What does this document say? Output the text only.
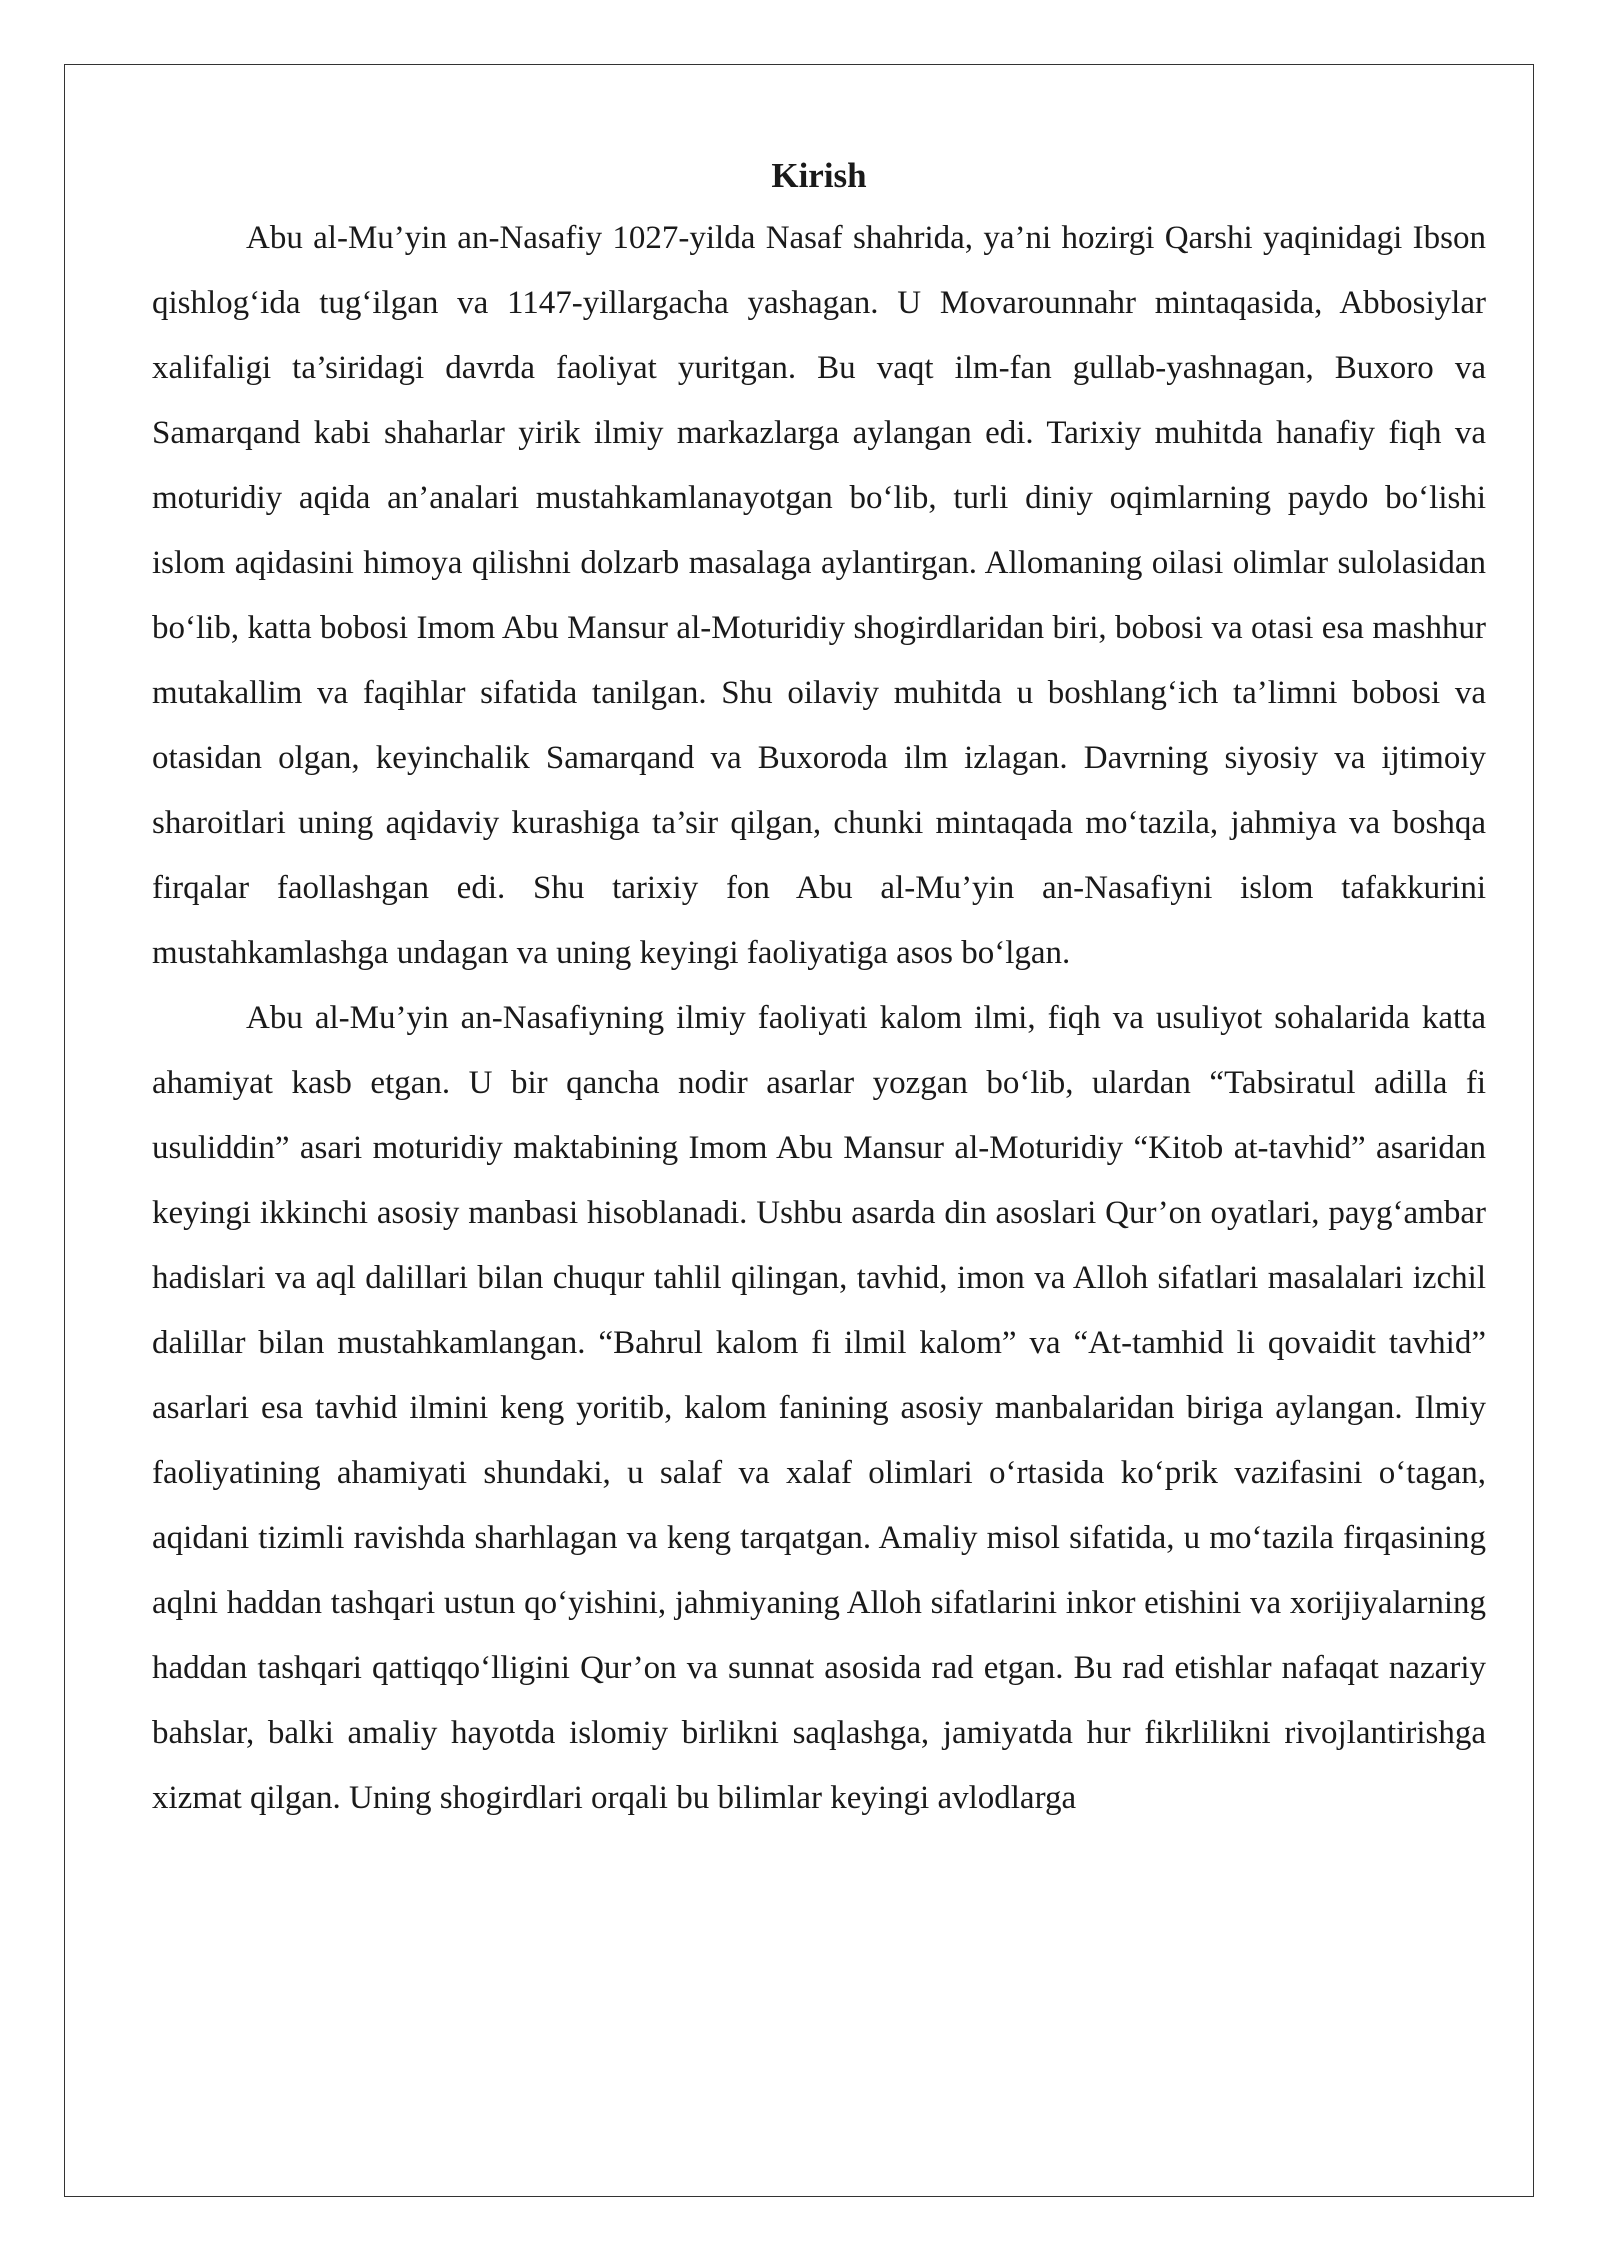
Kirish

Abu al-Mu’yin an-Nasafiy 1027-yilda Nasaf shahrida, ya’ni hozirgi Qarshi yaqinidagi Ibson qishlog‘ida tug‘ilgan va 1147-yillargacha yashagan. U Movarounnahr mintaqasida, Abbosiylar xalifaligi ta’siridagi davrda faoliyat yuritgan. Bu vaqt ilm-fan gullab-yashnagan, Buxoro va Samarqand kabi shaharlar yirik ilmiy markazlarga aylangan edi. Tarixiy muhitda hanafiy fiqh va moturidiy aqida an’analari mustahkamlanayotgan bo‘lib, turli diniy oqimlarning paydo bo‘lishi islom aqidasini himoya qilishni dolzarb masalaga aylantirgan. Allomaning oilasi olimlar sulolasidan bo‘lib, katta bobosi Imom Abu Mansur al-Moturidiy shogirdlaridan biri, bobosi va otasi esa mashhur mutakallim va faqihlar sifatida tanilgan. Shu oilaviy muhitda u boshlang‘ich ta’limni bobosi va otasidan olgan, keyinchalik Samarqand va Buxoroda ilm izlagan. Davrning siyosiy va ijtimoiy sharoitlari uning aqidaviy kurashiga ta’sir qilgan, chunki mintaqada mo‘tazila, jahmiya va boshqa firqalar faollashgan edi. Shu tarixiy fon Abu al-Mu’yin an-Nasafiyni islom tafakkurini mustahkamlashga undagan va uning keyingi faoliyatiga asos bo‘lgan.

Abu al-Mu’yin an-Nasafiyning ilmiy faoliyati kalom ilmi, fiqh va usuliyot sohalarida katta ahamiyat kasb etgan. U bir qancha nodir asarlar yozgan bo‘lib, ulardan “Tabsiratul adilla fi usuliddin” asari moturidiy maktabining Imom Abu Mansur al-Moturidiy “Kitob at-tavhid” asaridan keyingi ikkinchi asosiy manbasi hisoblanadi. Ushbu asarda din asoslari Qur’on oyatlari, payg‘ambar hadislari va aql dalillari bilan chuqur tahlil qilingan, tavhid, imon va Alloh sifatlari masalalari izchil dalillar bilan mustahkamlangan. “Bahrul kalom fi ilmil kalom” va “At-tamhid li qovaidit tavhid” asarlari esa tavhid ilmini keng yoritib, kalom fanining asosiy manbalaridan biriga aylangan. Ilmiy faoliyatining ahamiyati shundaki, u salaf va xalaf olimlari o‘rtasida ko‘prik vazifasini o‘tagan, aqidani tizimli ravishda sharhlagan va keng tarqatgan. Amaliy misol sifatida, u mo‘tazila firqasining aqlni haddan tashqari ustun qo‘yishini, jahmiyaning Alloh sifatlarini inkor etishini va xorijiyalarning haddan tashqari qattiqqo‘lligini Qur’on va sunnat asosida rad etgan. Bu rad etishlar nafaqat nazariy bahslar, balki amaliy hayotda islomiy birlikni saqlashga, jamiyatda hur fikrlilikni rivojlantirishga xizmat qilgan. Uning shogirdlari orqali bu bilimlar keyingi avlodlarga
